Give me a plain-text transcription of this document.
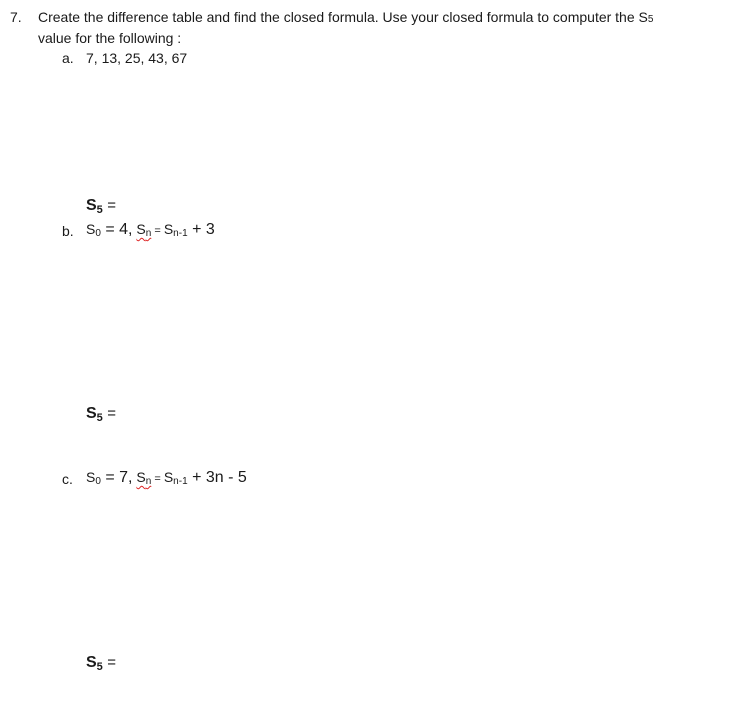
7. Create the difference table and find the closed formula. Use your closed formula to computer the S5
value for the following :
a. 7, 13, 25, 43, 67
S5 =
b. S0 = 4, Sn = Sn-1 + 3
S5 =
c. S0 = 7, Sn = Sn-1 + 3n - 5
S5 =
